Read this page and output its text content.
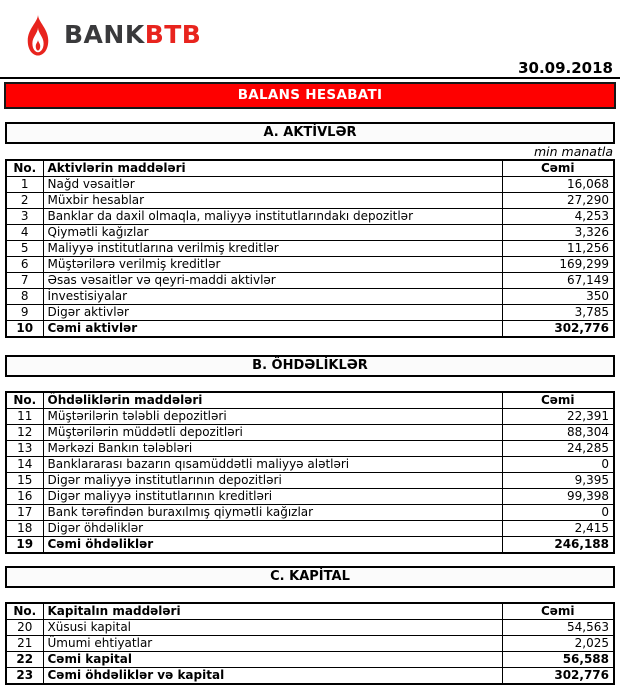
BANKBTB
30.09.2018
BALANS HESABATI
A. AKTİVLƏR
min manatla
No.	Aktivlərin maddələri	Cəmi
1	Nağd vəsaitlər	16,068
2	Müxbir hesablar	27,290
3	Banklar da daxil olmaqla, maliyyə institutlarındakı depozitlər	4,253
4	Qiymətli kağızlar	3,326
5	Maliyyə institutlarına verilmiş kreditlər	11,256
6	Müştərilərə verilmiş kreditlər	169,299
7	Əsas vəsaitlər və qeyri-maddi aktivlər	67,149
8	İnvestisiyalar	350
9	Digər aktivlər	3,785
10	Cəmi aktivlər	302,776
B. ÖHDƏLİKLƏR
No.	Öhdəliklərin maddələri	Cəmi
11	Müştərilərin tələbli depozitləri	22,391
12	Müştərilərin müddətli depozitləri	88,304
13	Mərkəzi Bankın tələbləri	24,285
14	Banklararası bazarın qısamüddətli maliyyə alətləri	0
15	Digər maliyyə institutlarının depozitləri	9,395
16	Digər maliyyə institutlarının kreditləri	99,398
17	Bank tərəfindən buraxılmış qiymətli kağızlar	0
18	Digər öhdəliklər	2,415
19	Cəmi öhdəliklər	246,188
C. KAPİTAL
No.	Kapitalın maddələri	Cəmi
20	Xüsusi kapital	54,563
21	Ümumi ehtiyatlar	2,025
22	Cəmi kapital	56,588
23	Cəmi öhdəliklər və kapital	302,776
